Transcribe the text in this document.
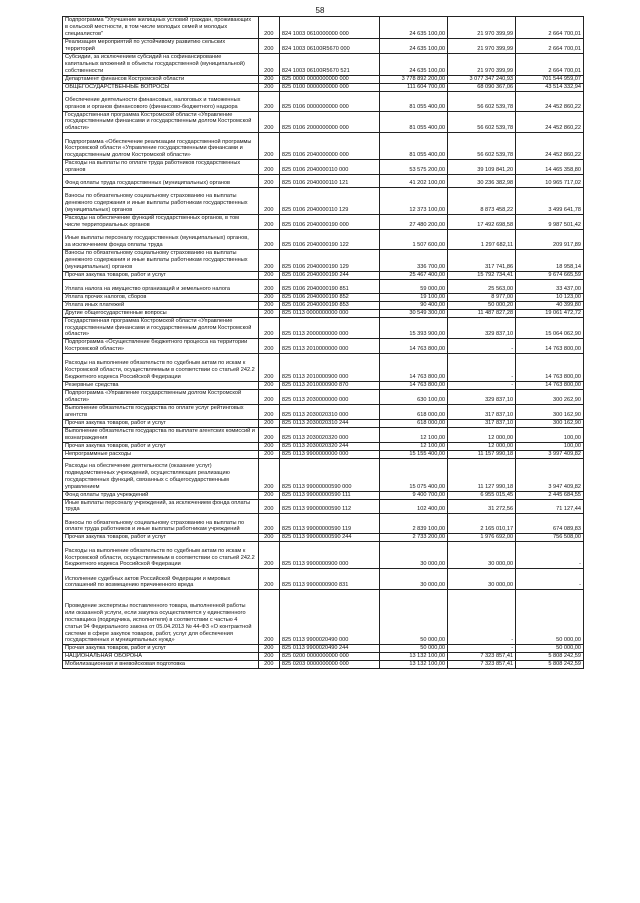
58
Подпрограмма "Улучшение жилищных условий граждан, проживающих в сельской местности, в том числе молодых семей и молодых специалистов"	200	824 1003 0610000000 000	24 635 100,00	21 970 399,99	2 664 700,01
Реализация мероприятий по устойчивому развитию сельских территорий	200	824 1003 06100R5670 000	24 635 100,00	21 970 399,99	2 664 700,01
Субсидии, за исключением субсидий на софинансирование капитальных вложений в объекты государственной (муниципальной) собственности	200	824 1003 06100R5670 521	24 635 100,00	21 970 399,99	2 664 700,01
Департамент финансов Костромской области	200	825 0000 0000000000 000	3 778 892 200,00	3 077 347 240,93	701 544 959,07
ОБЩЕГОСУДАРСТВЕННЫЕ ВОПРОСЫ	200	825 0100 0000000000 000	111 604 700,00	68 090 367,06	43 514 332,94
Обеспечение деятельности финансовых, налоговых и таможенных органов и органов финансового (финансово-бюджетного) надзора	200	825 0106 0000000000 000	81 055 400,00	56 602 539,78	24 452 860,22
Государственная программа Костромской области «Управление государственными финансами и государственным долгом Костромской области»	200	825 0106 2000000000 000	81 055 400,00	56 602 539,78	24 452 860,22
Подпрограмма «Обеспечение реализации государственной программы Костромской области «Управление государственными финансами и государственным долгом Костромской области»	200	825 0106 2040000000 000	81 055 400,00	56 602 539,78	24 452 860,22
Расходы на выплаты по оплате труда работников государственных органов	200	825 0106 2040000110 000	53 575 200,00	39 109 841,20	14 465 358,80
Фонд оплаты труда государственных (муниципальных) органов	200	825 0106 2040000110 121	41 202 100,00	30 236 382,98	10 965 717,02
Взносы по обязательному социальному страхованию на выплаты денежного содержания и иные выплаты работникам государственных (муниципальных) органов	200	825 0106 2040000110 129	12 373 100,00	8 873 458,22	3 499 641,78
Расходы на обеспечение функций государственных органов, в том числе территориальных органов	200	825 0106 2040000190 000	27 480 200,00	17 492 698,58	9 987 501,42
Иные выплаты персоналу государственных (муниципальных) органов, за исключением фонда оплаты труда	200	825 0106 2040000190 122	1 507 600,00	1 297 682,11	209 917,89
Взносы по обязательному социальному страхованию на выплаты денежного содержания и иные выплаты работникам государственных (муниципальных) органов	200	825 0106 2040000190 129	336 700,00	317 741,86	18 958,14
Прочая закупка товаров, работ и услуг	200	825 0106 2040000190 244	25 467 400,00	15 792 734,41	9 674 665,59
Уплата налога на имущество организаций и земельного налога	200	825 0106 2040000190 851	59 000,00	25 563,00	33 437,00
Уплата прочих налогов, сборов	200	825 0106 2040000190 852	19 100,00	8 977,00	10 123,00
Уплата иных платежей	200	825 0106 2040000190 853	90 400,00	50 000,20	40 399,80
Другие общегосударственные вопросы	200	825 0113 0000000000 000	30 549 300,00	11 487 827,28	19 061 472,72
Государственная программа Костромской области «Управление государственными финансами и государственным долгом Костромской области»	200	825 0113 2000000000 000	15 393 900,00	329 837,10	15 064 062,90
Подпрограмма «Осуществление бюджетного процесса на территории Костромской области»	200	825 0113 2010000000 000	14 763 800,00	-	14 763 800,00
Расходы на выполнение обязательств по судебным актам по искам к Костромской области, осуществляемым в соответствии со статьей 242.2 Бюджетного кодекса Российской Федерации	200	825 0113 2010000900 000	14 763 800,00	-	14 763 800,00
Резервные средства	200	825 0113 2010000900 870	14 763 800,00	-	14 763 800,00
Подпрограмма «Управление государственным долгом Костромской области»	200	825 0113 2030000000 000	630 100,00	329 837,10	300 262,90
Выполнение обязательств государства по оплате услуг рейтинговых агентств	200	825 0113 2030020310 000	618 000,00	317 837,10	300 162,90
Прочая закупка товаров, работ и услуг	200	825 0113 2030020310 244	618 000,00	317 837,10	300 162,90
Выполнение обязательств государства по выплате агентских комиссий и вознаграждения	200	825 0113 2030020320 000	12 100,00	12 000,00	100,00
Прочая закупка товаров, работ и услуг	200	825 0113 2030020320 244	12 100,00	12 000,00	100,00
Непрограммные расходы	200	825 0113 9900000000 000	15 155 400,00	11 157 990,18	3 997 409,82
Расходы на обеспечение деятельности (оказание услуг) подведомственных учреждений, осуществляющих реализацию государственных функций, связанных с общегосударственным управлением	200	825 0113 99000000590 000	15 075 400,00	11 127 990,18	3 947 409,82
Фонд оплаты труда учреждений	200	825 0113 99000000590 111	9 400 700,00	6 955 015,45	2 445 684,55
Иные выплаты персоналу учреждений, за исключением фонда оплаты труда	200	825 0113 99000000590 112	102 400,00	31 272,56	71 127,44
Взносы по обязательному социальному страхованию на выплаты по оплате труда работников и иные выплаты работникам учреждений	200	825 0113 99000000590 119	2 839 100,00	2 165 010,17	674 089,83
Прочая закупка товаров, работ и услуг	200	825 0113 99000000590 244	2 733 200,00	1 976 692,00	756 508,00
Расходы на выполнение обязательств по судебным актам по искам к Костромской области, осуществляемым в соответствии со статьей 242.2 Бюджетного кодекса Российской Федерации	200	825 0113 9900000900 000	30 000,00	30 000,00	-
Исполнение судебных актов Российской Федерации и мировых соглашений по возмещению причиненного вреда	200	825 0113 9900000900 831	30 000,00	30 000,00	-
Проведение экспертизы поставленного товара, выполненной работы или оказанной услуги, если закупка осуществляется у единственного поставщика (подрядчика, исполнителя) в соответствии с частью 4 статьи 94 Федерального закона от 05.04.2013 № 44-ФЗ «О контрактной системе в сфере закупок товаров, работ, услуг для обеспечения государственных и муниципальных нужд»	200	825 0113 9900020490 000	50 000,00	-	50 000,00
Прочая закупка товаров, работ и услуг	200	825 0113 9900020490 244	50 000,00	-	50 000,00
НАЦИОНАЛЬНАЯ ОБОРОНА	200	825 0200 0000000000 000	13 132 100,00	7 323 857,41	5 808 242,59
Мобилизационная и вневойсковая подготовка	200	825 0203 0000000000 000	13 132 100,00	7 323 857,41	5 808 242,59
